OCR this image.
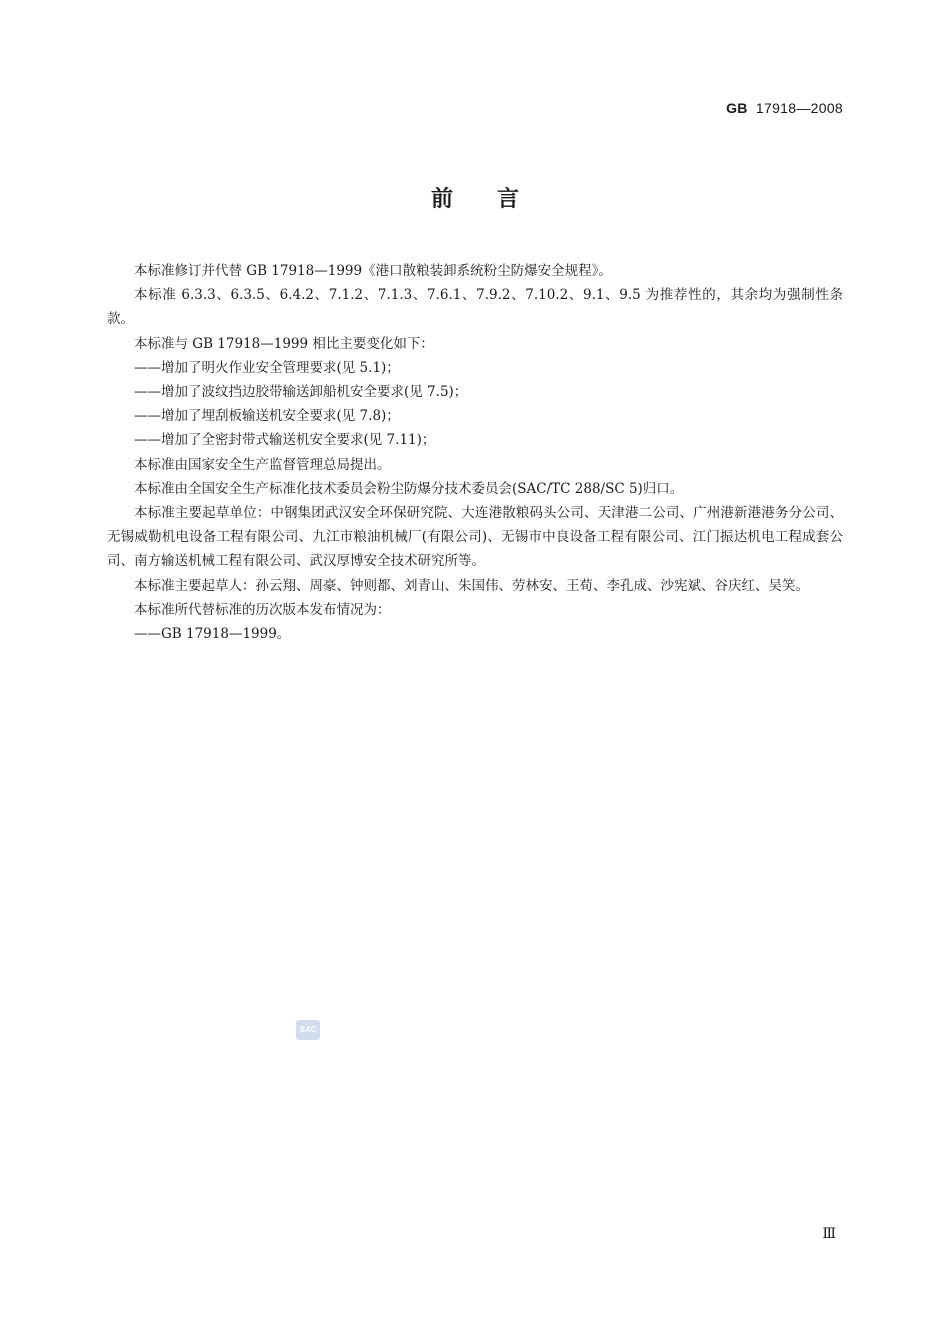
GB 17918—2008
前言

本标准修订并代替 GB 17918—1999《港口散粮装卸系统粉尘防爆安全规程》。

本标准 6.3.3、6.3.5、6.4.2、7.1.2、7.1.3、7.6.1、7.9.2、7.10.2、9.1、9.5 为推荐性的，其余均为强制性条款。

本标准与 GB 17918—1999 相比主要变化如下：

——增加了明火作业安全管理要求(见 5.1)；

——增加了波纹挡边胶带输送卸船机安全要求(见 7.5)；

——增加了埋刮板输送机安全要求(见 7.8)；

——增加了全密封带式输送机安全要求(见 7.11)；

本标准由国家安全生产监督管理总局提出。

本标准由全国安全生产标准化技术委员会粉尘防爆分技术委员会(SAC/TC 288/SC 5)归口。

本标准主要起草单位：中钢集团武汉安全环保研究院、大连港散粮码头公司、天津港二公司、广州港新港港务分公司、无锡威勒机电设备工程有限公司、九江市粮油机械厂(有限公司)、无锡市中良设备工程有限公司、江门振达机电工程成套公司、南方输送机械工程有限公司、武汉厚博安全技术研究所等。

本标准主要起草人：孙云翔、周豪、钟则都、刘青山、朱国伟、劳林安、王荀、李孔成、沙宪斌、谷庆红、吴笑。

本标准所代替标准的历次版本发布情况为：

——GB 17918—1999。

SAC
Ⅲ
